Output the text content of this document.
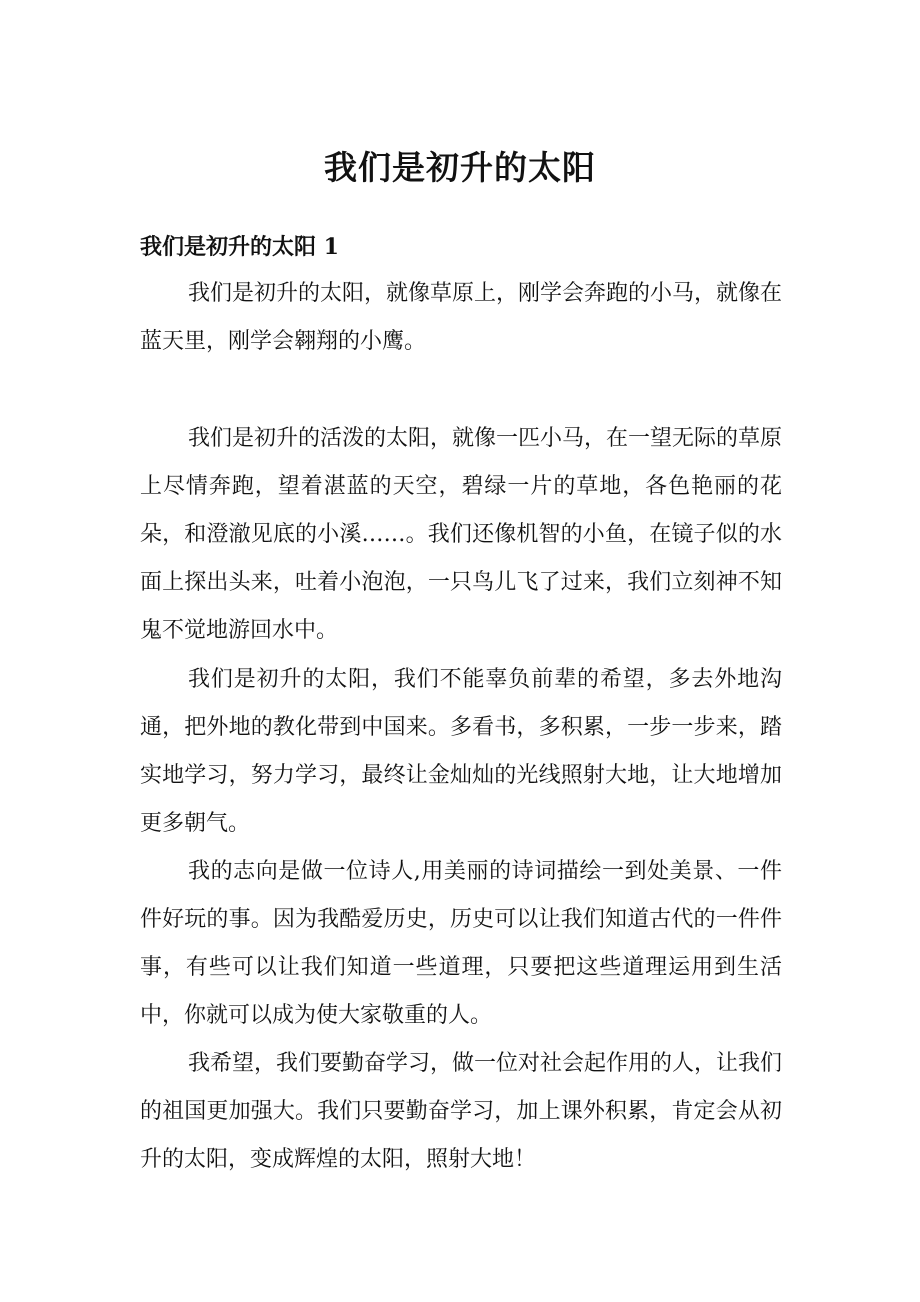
我们是初升的太阳
我们是初升的太阳 1

我们是初升的太阳，就像草原上，刚学会奔跑的小马，就像在蓝天里，刚学会翱翔的小鹰。

我们是初升的活泼的太阳，就像一匹小马，在一望无际的草原上尽情奔跑，望着湛蓝的天空，碧绿一片的草地，各色艳丽的花朵，和澄澈见底的小溪……。我们还像机智的小鱼，在镜子似的水面上探出头来，吐着小泡泡，一只鸟儿飞了过来，我们立刻神不知鬼不觉地游回水中。

我们是初升的太阳，我们不能辜负前辈的希望，多去外地沟通，把外地的教化带到中国来。多看书，多积累，一步一步来，踏实地学习，努力学习，最终让金灿灿的光线照射大地，让大地增加更多朝气。

我的志向是做一位诗人,用美丽的诗词描绘一到处美景、一件件好玩的事。因为我酷爱历史，历史可以让我们知道古代的一件件事，有些可以让我们知道一些道理，只要把这些道理运用到生活中，你就可以成为使大家敬重的人。

我希望，我们要勤奋学习，做一位对社会起作用的人，让我们的祖国更加强大。我们只要勤奋学习，加上课外积累，肯定会从初升的太阳，变成辉煌的太阳，照射大地！
